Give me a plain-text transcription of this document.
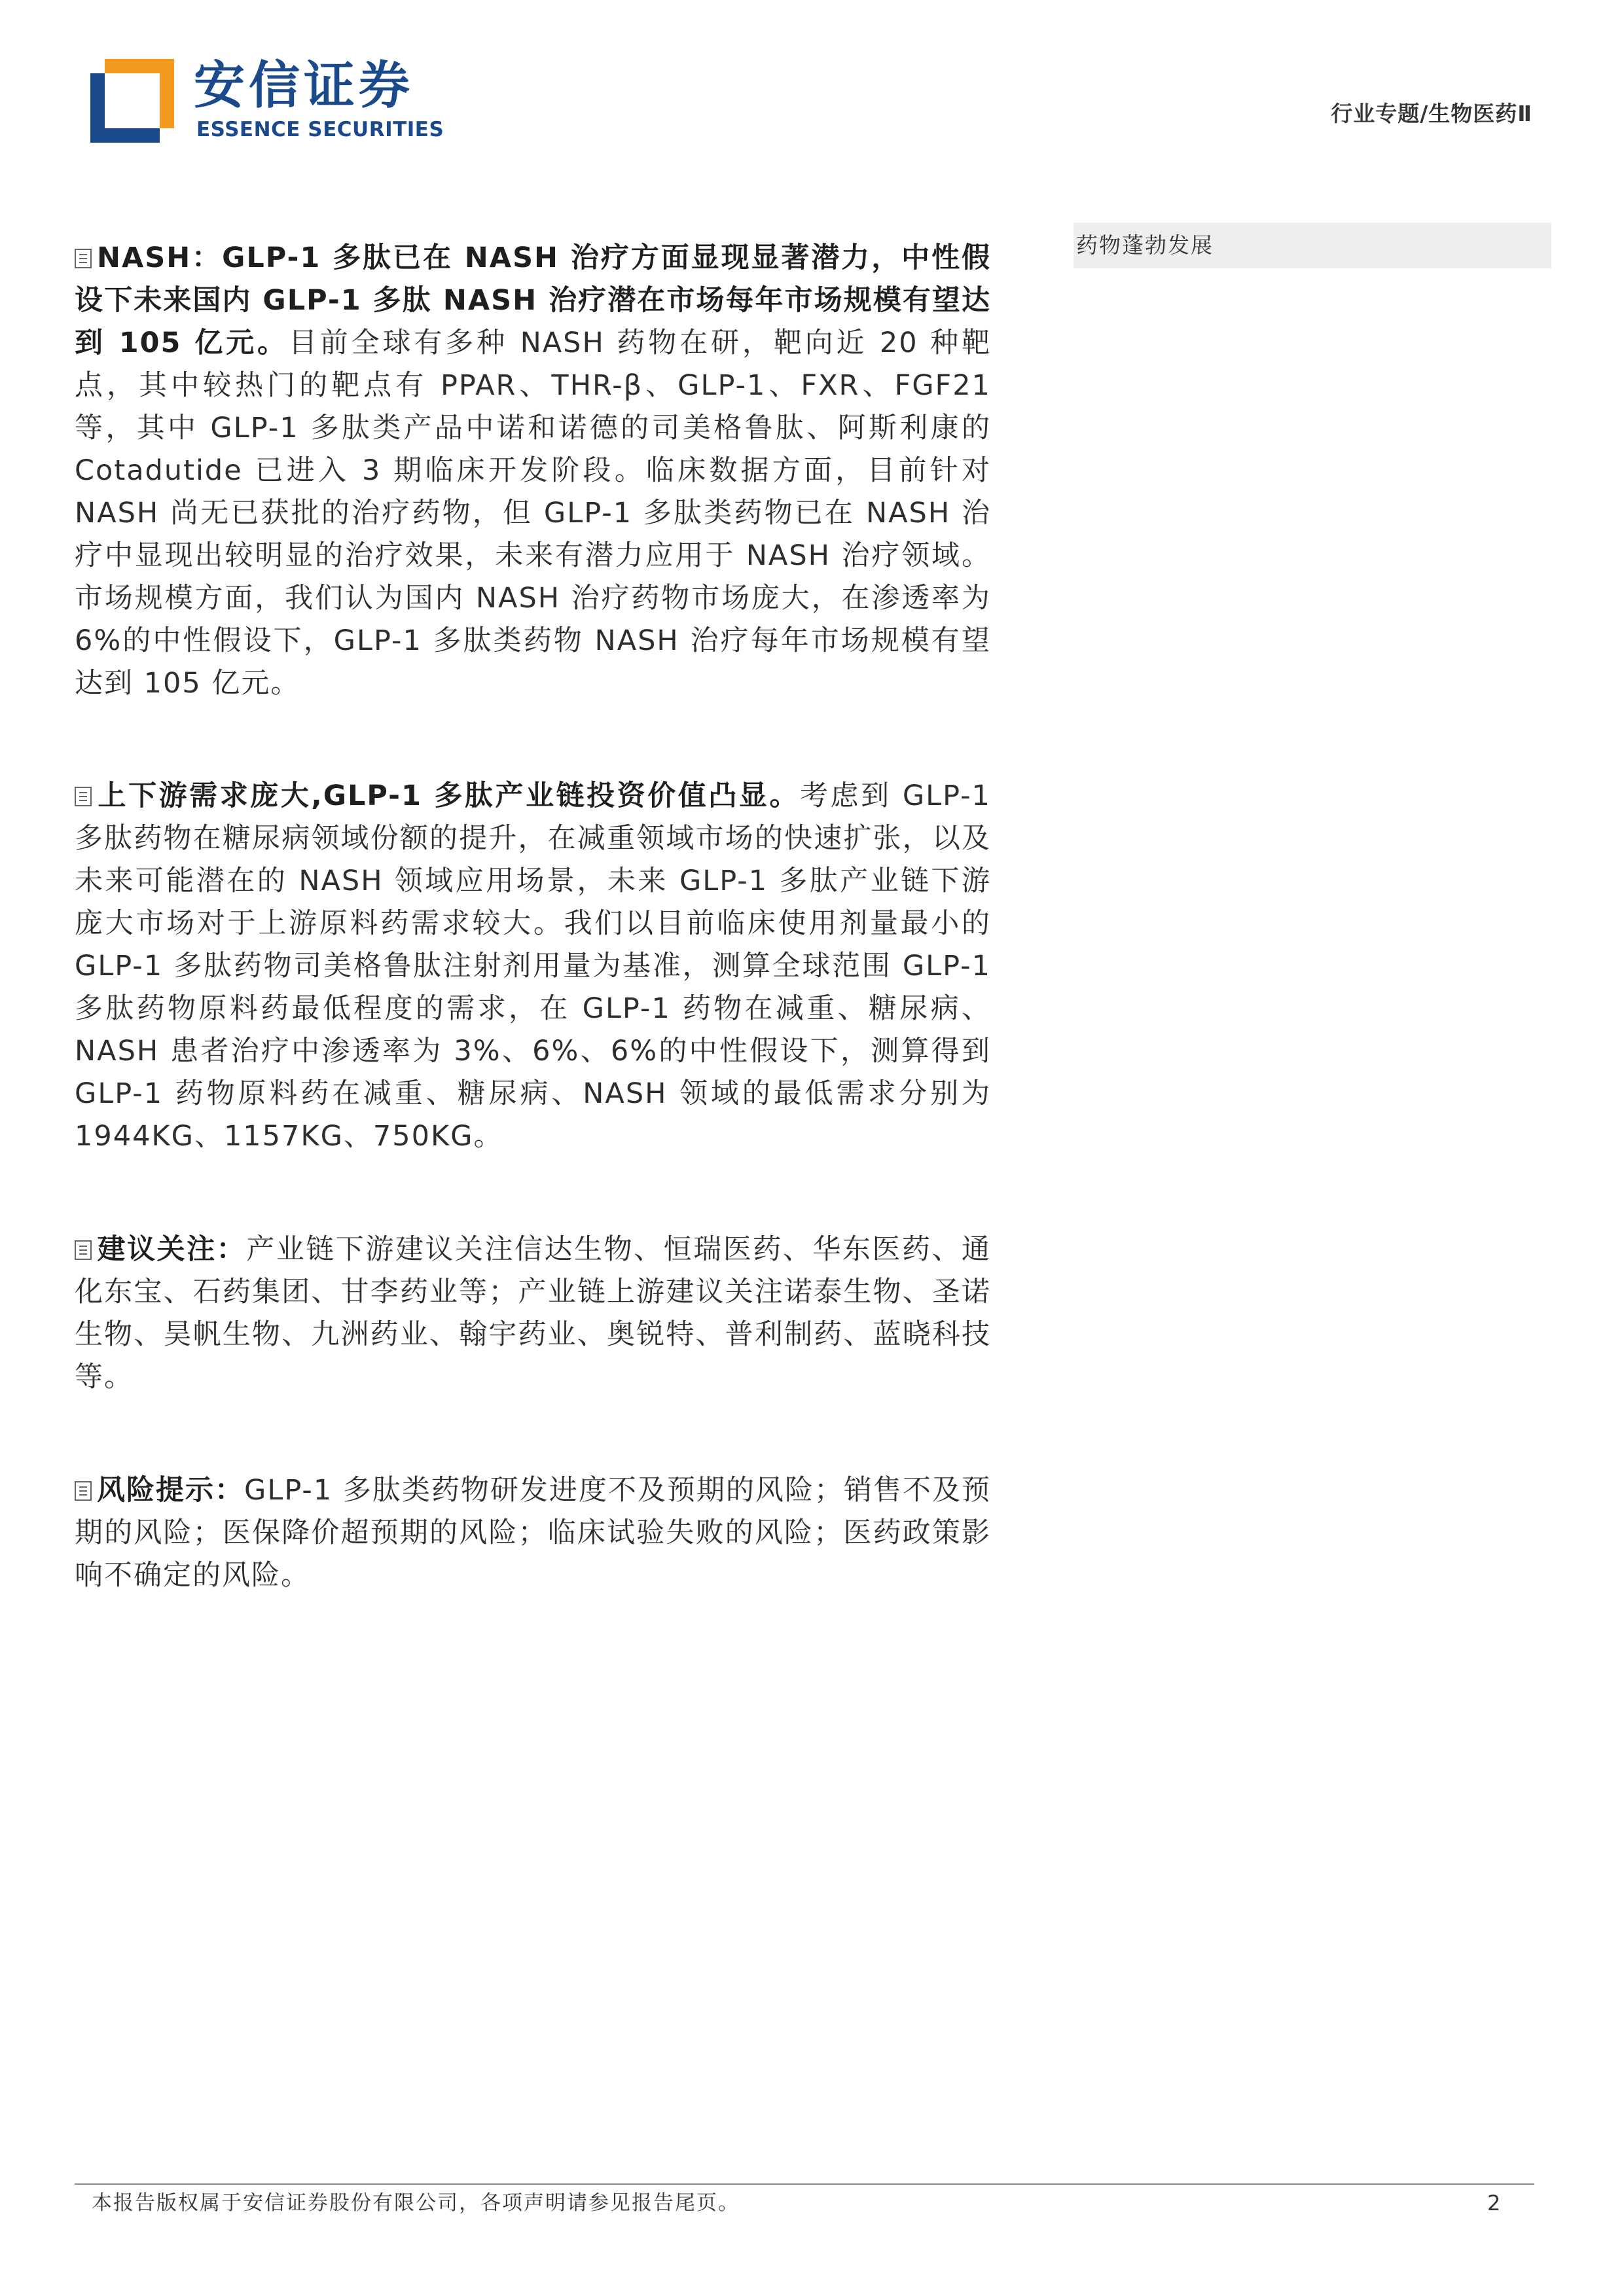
安信证券
ESSENCE SECURITIES
行业专题/生物医药Ⅱ
药物蓬勃发展

NASH：GLP-1 多肽已在 NASH 治疗方面显现显著潜力，中性假设下未来国内 GLP-1 多肽 NASH 治疗潜在市场每年市场规模有望达到 105 亿元。目前全球有多种 NASH 药物在研，靶向近 20 种靶点，其中较热门的靶点有 PPAR、THR-β、GLP-1、FXR、FGF21 等，其中 GLP-1 多肽类产品中诺和诺德的司美格鲁肽、阿斯利康的 Cotadutide 已进入 3 期临床开发阶段。临床数据方面，目前针对 NASH 尚无已获批的治疗药物，但 GLP-1 多肽类药物已在 NASH 治疗中显现出较明显的治疗效果，未来有潜力应用于 NASH 治疗领域。市场规模方面，我们认为国内 NASH 治疗药物市场庞大，在渗透率为 6%的中性假设下，GLP-1 多肽类药物 NASH 治疗每年市场规模有望达到 105 亿元。

上下游需求庞大,GLP-1 多肽产业链投资价值凸显。考虑到 GLP-1 多肽药物在糖尿病领域份额的提升，在减重领域市场的快速扩张，以及未来可能潜在的 NASH 领域应用场景，未来 GLP-1 多肽产业链下游庞大市场对于上游原料药需求较大。我们以目前临床使用剂量最小的 GLP-1 多肽药物司美格鲁肽注射剂用量为基准，测算全球范围 GLP-1 多肽药物原料药最低程度的需求，在 GLP-1 药物在减重、糖尿病、NASH 患者治疗中渗透率为 3%、6%、6%的中性假设下，测算得到 GLP-1 药物原料药在减重、糖尿病、NASH 领域的最低需求分别为 1944KG、1157KG、750KG。

建议关注：产业链下游建议关注信达生物、恒瑞医药、华东医药、通化东宝、石药集团、甘李药业等；产业链上游建议关注诺泰生物、圣诺生物、昊帆生物、九洲药业、翰宇药业、奥锐特、普利制药、蓝晓科技等。

风险提示：GLP-1 多肽类药物研发进度不及预期的风险；销售不及预期的风险；医保降价超预期的风险；临床试验失败的风险；医药政策影响不确定的风险。

本报告版权属于安信证券股份有限公司，各项声明请参见报告尾页。	2
